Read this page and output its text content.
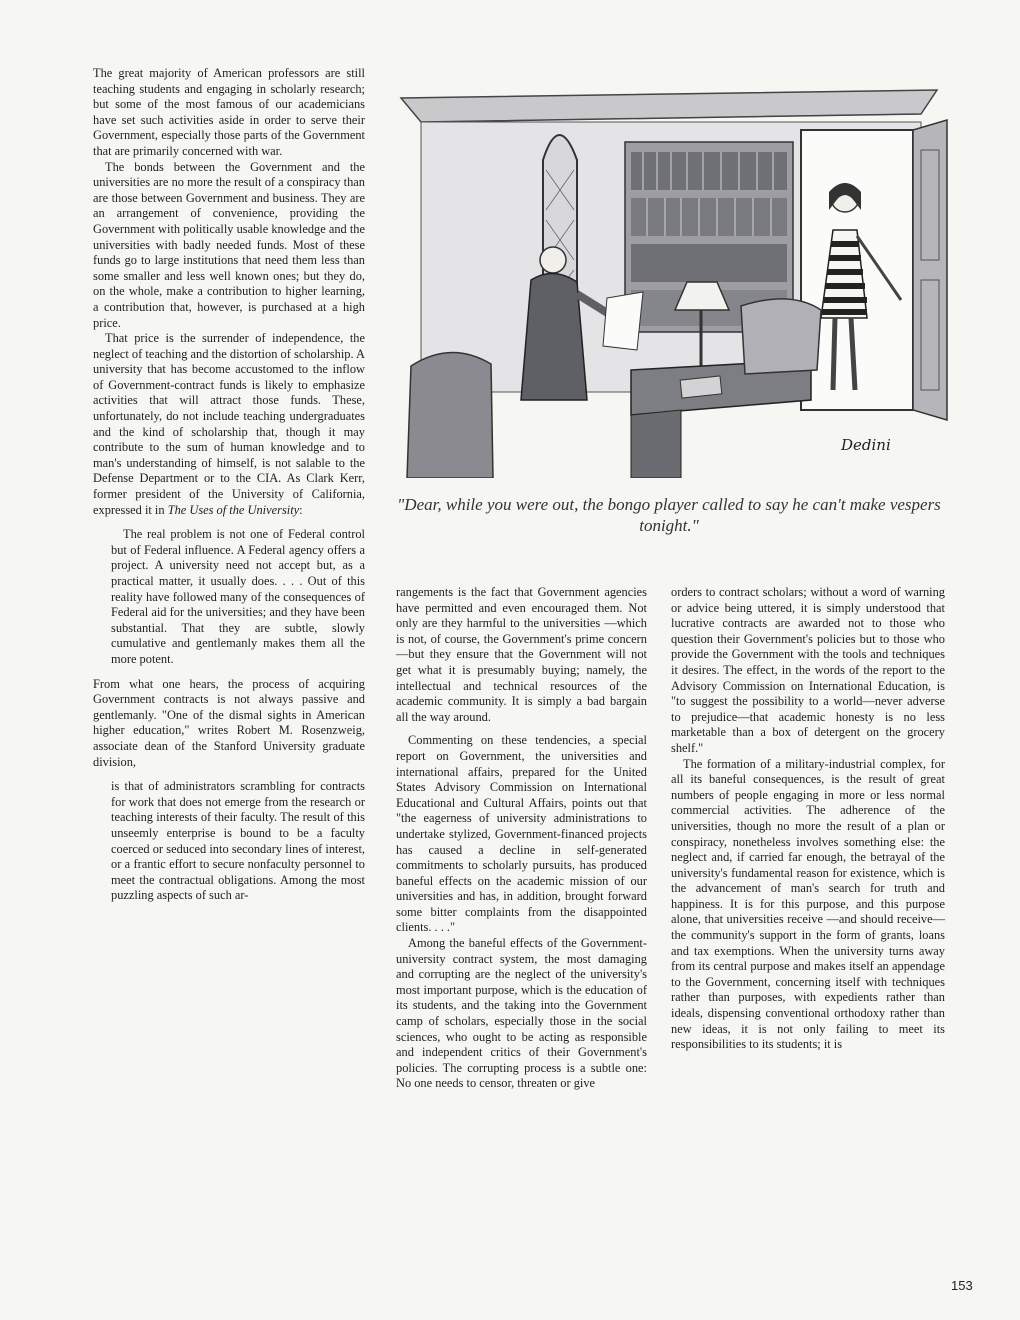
The great majority of American professors are still teaching students and engaging in scholarly research; but some of the most famous of our academicians have set such activities aside in order to serve their Government, especially those parts of the Government that are primarily concerned with war.

The bonds between the Government and the universities are no more the result of a conspiracy than are those between Government and business. They are an arrangement of convenience, providing the Government with politically usable knowledge and the universities with badly needed funds. Most of these funds go to large institutions that need them less than some smaller and less well known ones; but they do, on the whole, make a contribution to higher learning, a contribution that, however, is purchased at a high price.

That price is the surrender of independence, the neglect of teaching and the distortion of scholarship. A university that has become accustomed to the inflow of Government-contract funds is likely to emphasize activities that will attract those funds. These, unfortunately, do not include teaching undergraduates and the kind of scholarship that, though it may contribute to the sum of human knowledge and to man's understanding of himself, is not salable to the Defense Department or to the CIA. As Clark Kerr, former president of the University of California, expressed it in The Uses of the University:

The real problem is not one of Federal control but of Federal influence. A Federal agency offers a project. A university need not accept but, as a practical matter, it usually does. . . . Out of this reality have followed many of the consequences of Federal aid for the universities; and they have been substantial. That they are subtle, slowly cumulative and gentlemanly makes them all the more potent.

From what one hears, the process of acquiring Government contracts is not always passive and gentlemanly. "One of the dismal sights in American higher education," writes Robert M. Rosenzweig, associate dean of the Stanford University graduate division,

is that of administrators scrambling for contracts for work that does not emerge from the research or teaching interests of their faculty. The result of this unseemly enterprise is bound to be a faculty coerced or seduced into secondary lines of interest, or a frantic effort to secure nonfaculty personnel to meet the contractual obligations. Among the most puzzling aspects of such ar-

Dedini
"Dear, while you were out, the bongo player called to say he can't make vespers tonight."

rangements is the fact that Government agencies have permitted and even encouraged them. Not only are they harmful to the universities —which is not, of course, the Government's prime concern—but they ensure that the Government will not get what it is presumably buying; namely, the intellectual and technical resources of the academic community. It is simply a bad bargain all the way around.

Commenting on these tendencies, a special report on Government, the universities and international affairs, prepared for the United States Advisory Commission on International Educational and Cultural Affairs, points out that "the eagerness of university administrations to undertake stylized, Government-financed projects has caused a decline in self-generated commitments to scholarly pursuits, has produced baneful effects on the academic mission of our universities and has, in addition, brought forward some bitter complaints from the disappointed clients. . . ."

Among the baneful effects of the Government-university contract system, the most damaging and corrupting are the neglect of the university's most important purpose, which is the education of its students, and the taking into the Government camp of scholars, especially those in the social sciences, who ought to be acting as responsible and independent critics of their Government's policies. The corrupting process is a subtle one: No one needs to censor, threaten or give

orders to contract scholars; without a word of warning or advice being uttered, it is simply understood that lucrative contracts are awarded not to those who question their Government's policies but to those who provide the Government with the tools and techniques it desires. The effect, in the words of the report to the Advisory Commission on International Education, is "to suggest the possibility to a world—never adverse to prejudice—that academic honesty is no less marketable than a box of detergent on the grocery shelf."

The formation of a military-industrial complex, for all its baneful consequences, is the result of great numbers of people engaging in more or less normal commercial activities. The adherence of the universities, though no more the result of a plan or conspiracy, nonetheless involves something else: the neglect and, if carried far enough, the betrayal of the university's fundamental reason for existence, which is the advancement of man's search for truth and happiness. It is for this purpose, and this purpose alone, that universities receive —and should receive—the community's support in the form of grants, loans and tax exemptions. When the university turns away from its central purpose and makes itself an appendage to the Government, concerning itself with techniques rather than purposes, with expedients rather than ideals, dispensing conventional orthodoxy rather than new ideas, it is not only failing to meet its responsibilities to its students; it is

153
